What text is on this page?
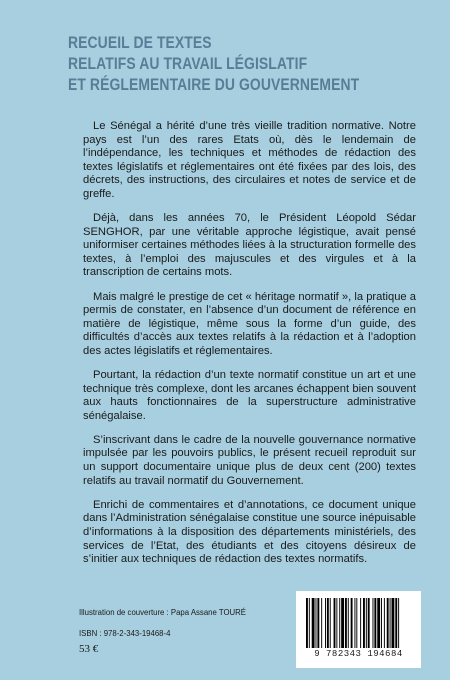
RECUEIL DE TEXTES
RELATIFS AU TRAVAIL LÉGISLATIF
ET RÉGLEMENTAIRE DU GOUVERNEMENT

Le Sénégal a hérité d’une très vieille tradition normative. Notre pays est l’un des rares Etats où, dès le lendemain de l’indépendance, les techniques et méthodes de rédaction des textes législatifs et réglementaires ont été fixées par des lois, des décrets, des instructions, des circulaires et notes de service et de greffe.

Déjà, dans les années 70, le Président Léopold Sédar SENGHOR, par une véritable approche légistique, avait pensé uniformiser certaines méthodes liées à la structuration formelle des textes, à l’emploi des majuscules et des virgules et à la transcription de certains mots.

Mais malgré le prestige de cet « héritage normatif », la pratique a permis de constater, en l’absence d’un document de référence en matière de légistique, même sous la forme d’un guide, des difficultés d’accès aux textes relatifs à la rédaction et à l’adoption des actes législatifs et réglementaires.

Pourtant, la rédaction d’un texte normatif constitue un art et une technique très complexe, dont les arcanes échappent bien souvent aux hauts fonctionnaires de la superstructure administrative sénégalaise.

S’inscrivant dans le cadre de la nouvelle gouvernance normative impulsée par les pouvoirs publics, le présent recueil reproduit sur un support documentaire unique plus de deux cent (200) textes relatifs au travail normatif du Gouvernement.

Enrichi de commentaires et d’annotations, ce document unique dans l’Administration sénégalaise constitue une source inépuisable d’informations à la disposition des départements ministériels, des services de l’Etat, des étudiants et des citoyens désireux de s’initier aux techniques de rédaction des textes normatifs.

Illustration de couverture : Papa Assane TOURÉ
ISBN : 978-2-343-19468-4
53 €	9 782343 194684
